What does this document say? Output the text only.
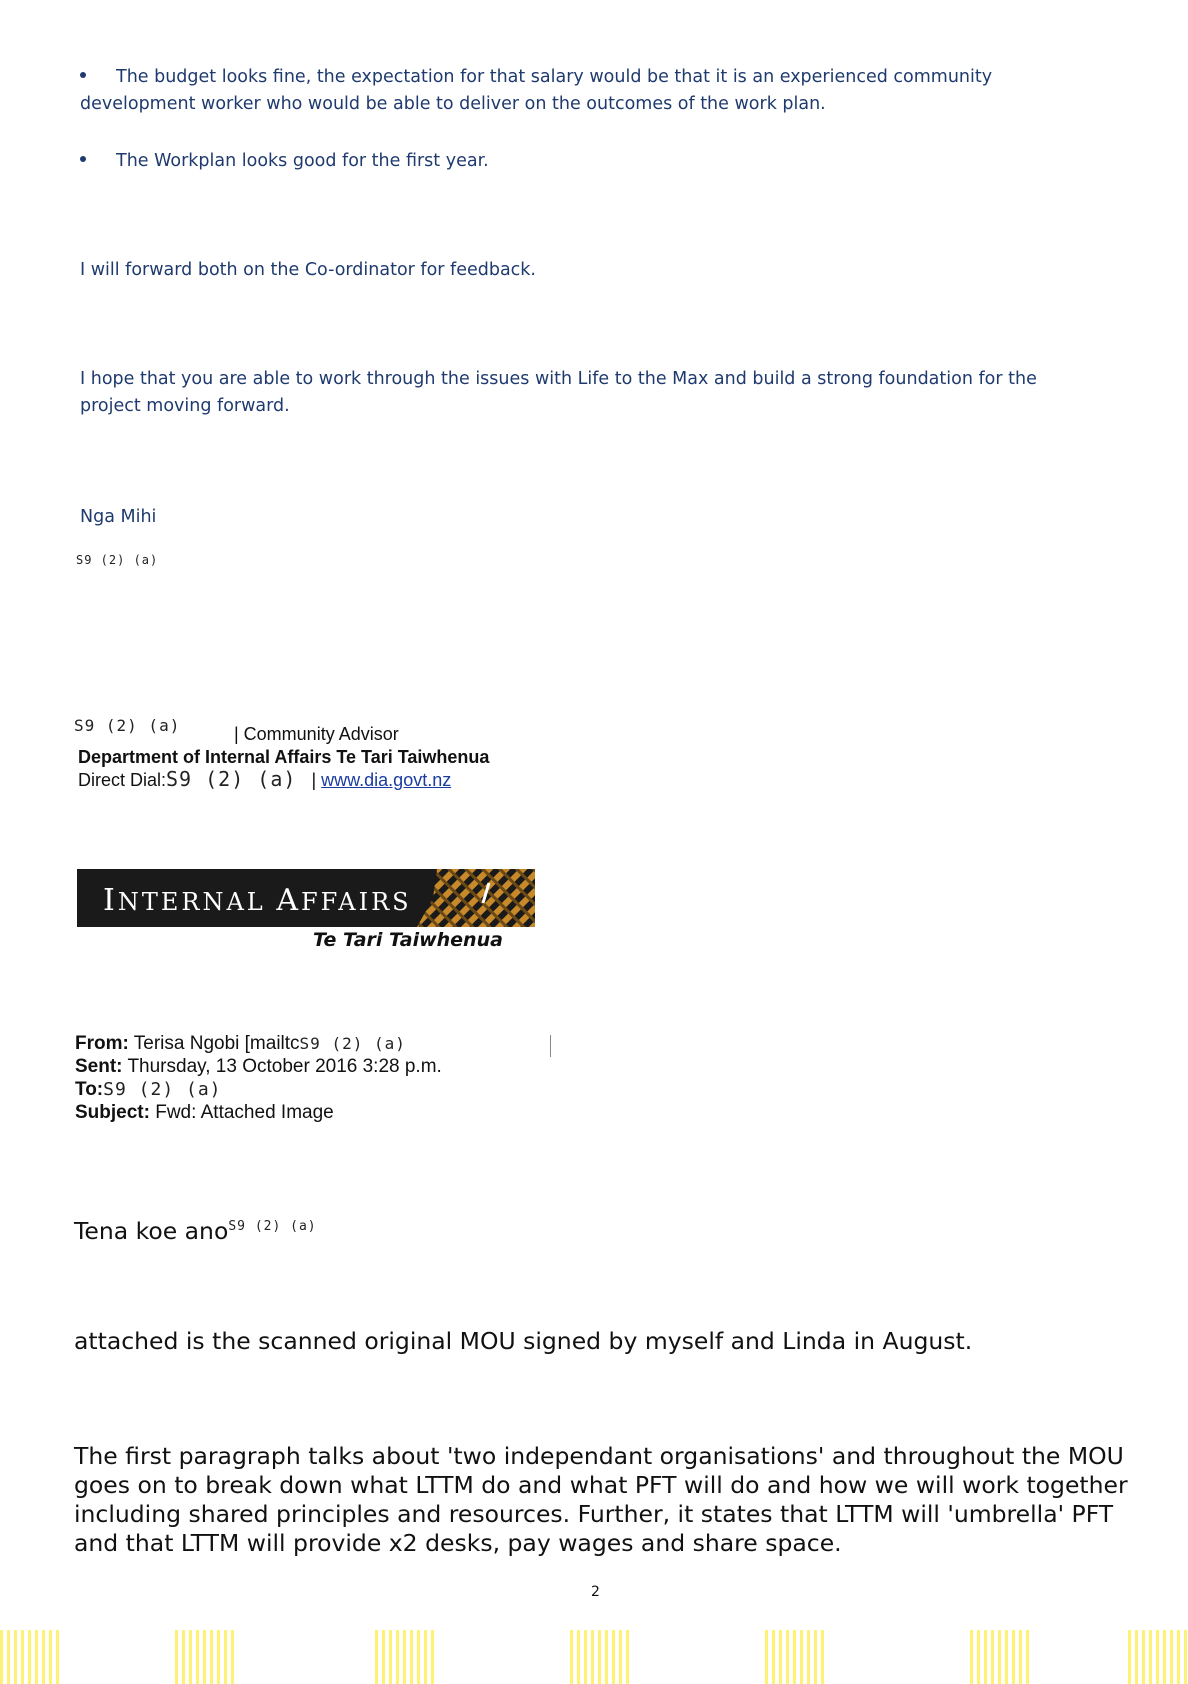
The budget looks fine, the expectation for that salary would be that it is an experienced community development worker who would be able to deliver on the outcomes of the work plan.
The Workplan looks good for the first year.
I will forward both on the Co-ordinator for feedback.
I hope that you are able to work through the issues with Life to the Max and build a strong foundation for the project moving forward.
Nga Mihi
S9 (2) (a)
S9 (2) (a)	| Community Advisor
Department of Internal Affairs Te Tari Taiwhenua
Direct Dial:S9 (2) (a) | www.dia.govt.nz
INTERNAL AFFAIRS
Te Tari Taiwhenua
From: Terisa Ngobi [mailtcS9 (2) (a)
Sent: Thursday, 13 October 2016 3:28 p.m.
To:S9 (2) (a)
Subject: Fwd: Attached Image
Tena koe ano$^{S9 (2) (a)}$
attached is the scanned original MOU signed by myself and Linda in August.
The first paragraph talks about 'two independant organisations' and throughout the MOU goes on to break down what LTTM do and what PFT will do and how we will work together including shared principles and resources. Further, it states that LTTM will 'umbrella' PFT and that LTTM will provide x2 desks, pay wages and share space.
2
